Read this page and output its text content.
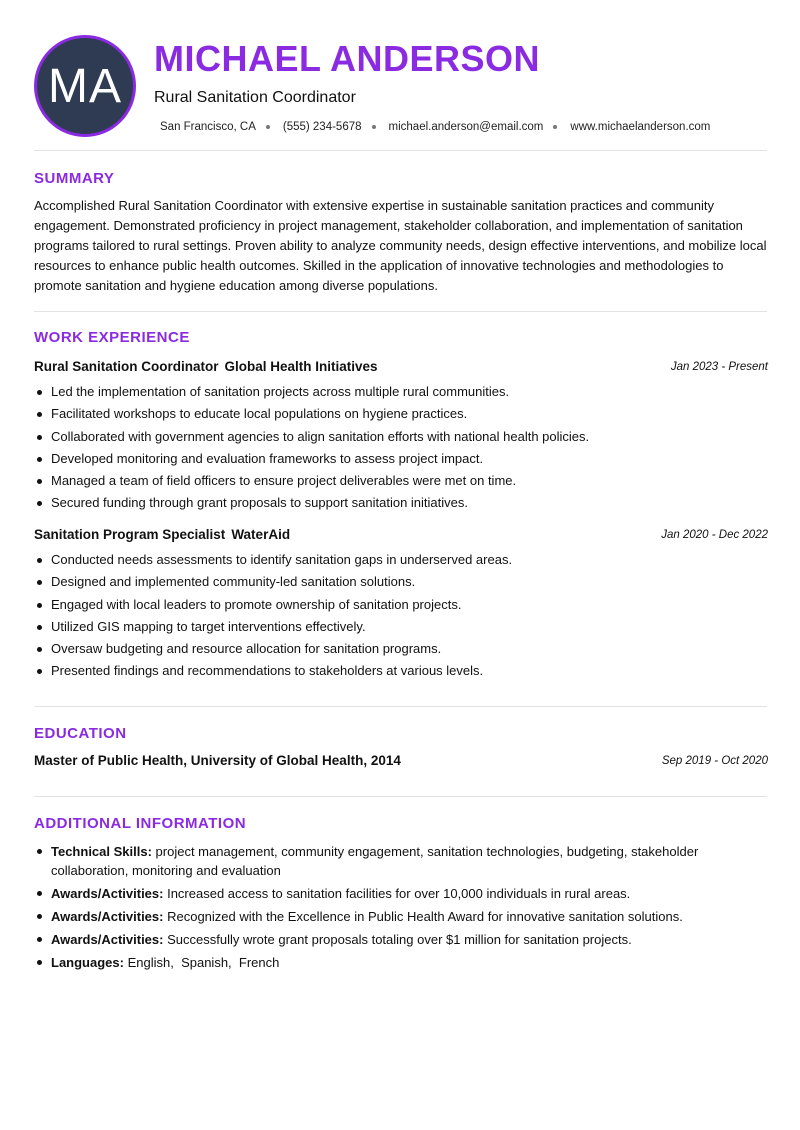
MA
MICHAEL ANDERSON
Rural Sanitation Coordinator
San Francisco, CA (555) 234-5678 michael.anderson@email.com www.michaelanderson.com
SUMMARY
Accomplished Rural Sanitation Coordinator with extensive expertise in sustainable sanitation practices and community engagement. Demonstrated proficiency in project management, stakeholder collaboration, and implementation of sanitation programs tailored to rural settings. Proven ability to analyze community needs, design effective interventions, and mobilize local resources to enhance public health outcomes. Skilled in the application of innovative technologies and methodologies to promote sanitation and hygiene education among diverse populations.
WORK EXPERIENCE
Rural Sanitation Coordinator Global Health Initiatives	Jan 2023 - Present
Led the implementation of sanitation projects across multiple rural communities.
Facilitated workshops to educate local populations on hygiene practices.
Collaborated with government agencies to align sanitation efforts with national health policies.
Developed monitoring and evaluation frameworks to assess project impact.
Managed a team of field officers to ensure project deliverables were met on time.
Secured funding through grant proposals to support sanitation initiatives.
Sanitation Program Specialist WaterAid	Jan 2020 - Dec 2022
Conducted needs assessments to identify sanitation gaps in underserved areas.
Designed and implemented community-led sanitation solutions.
Engaged with local leaders to promote ownership of sanitation projects.
Utilized GIS mapping to target interventions effectively.
Oversaw budgeting and resource allocation for sanitation programs.
Presented findings and recommendations to stakeholders at various levels.
EDUCATION
Master of Public Health, University of Global Health, 2014	Sep 2019 - Oct 2020
ADDITIONAL INFORMATION
Technical Skills: project management, community engagement, sanitation technologies, budgeting, stakeholder collaboration, monitoring and evaluation
Awards/Activities: Increased access to sanitation facilities for over 10,000 individuals in rural areas.
Awards/Activities: Recognized with the Excellence in Public Health Award for innovative sanitation solutions.
Awards/Activities: Successfully wrote grant proposals totaling over $1 million for sanitation projects.
Languages: English,  Spanish,  French
